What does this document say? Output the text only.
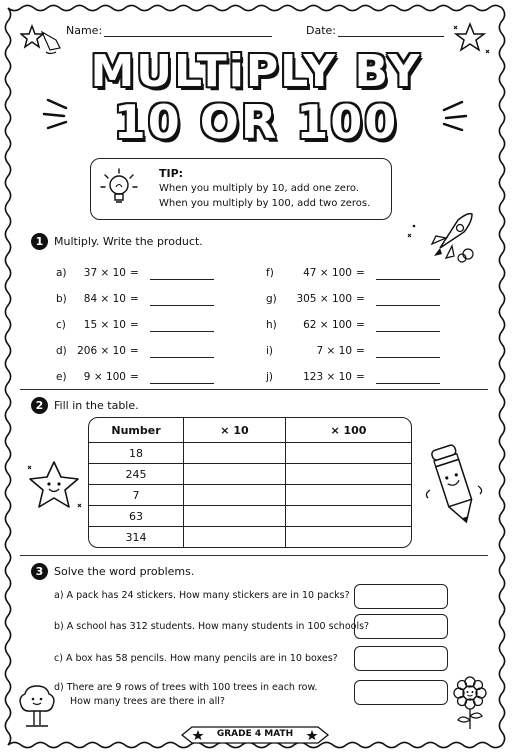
Name:	Date:
MULTiPLY BY
10 OR 100
TIP:
When you multiply by 10, add one zero.
When you multiply by 100, add two zeros.
1 Multiply. Write the product.
a)	37 × 10 =
b)	84 × 10 =
c)	15 × 10 =
d) 206 × 10 =
e)	9 × 100 =
f)	47 × 100 =
g)	305 × 100 =
h)	62 × 100 =
i)	7 × 10 =
j)	123 × 10 =
2 Fill in the table.
Number	× 10	× 100
18		
245		
7		
63		
314		
3 Solve the word problems.
a) A pack has 24 stickers. How many stickers are in 10 packs?
b) A school has 312 students. How many students in 100 schools?
c) A box has 58 pencils. How many pencils are in 10 boxes?
d) There are 9 rows of trees with 100 trees in each row.
How many trees are there in all?
GRADE 4 MATH
